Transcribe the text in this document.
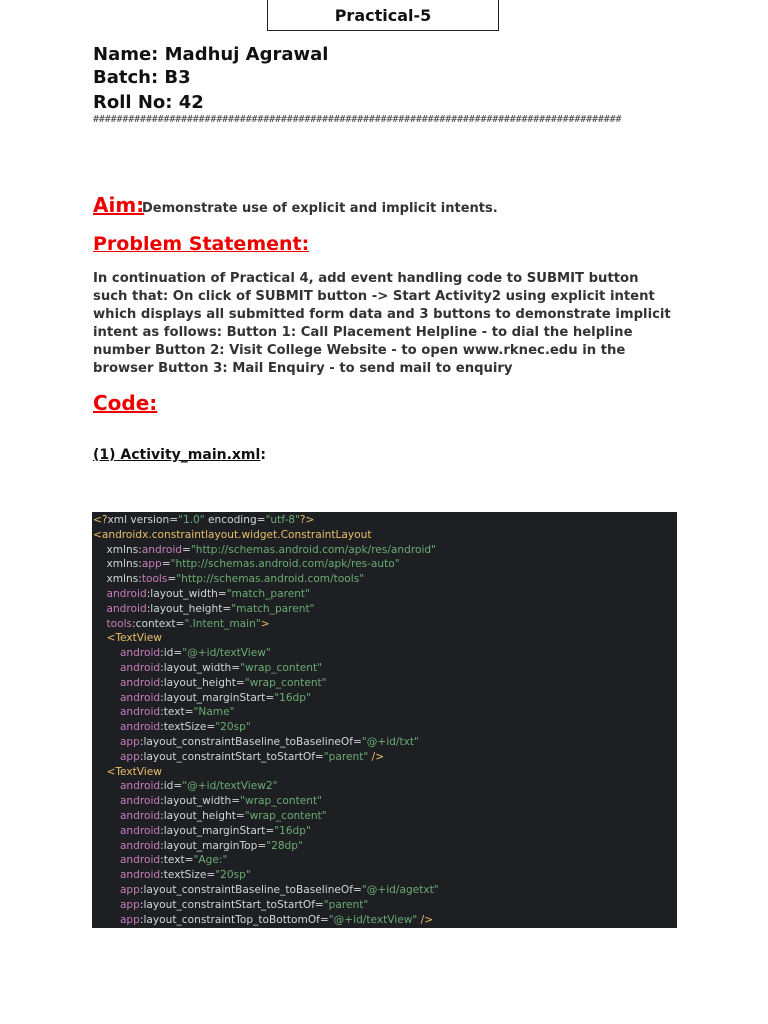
Practical-5
Name: Madhuj Agrawal
Batch: B3
Roll No: 42
##########################################################################################
Aim:
Demonstrate use of explicit and implicit intents.
Problem Statement:
In continuation of Practical 4, add event handling code to SUBMIT button such that: On click of SUBMIT button -> Start Activity2 using explicit intent which displays all submitted form data and 3 buttons to demonstrate implicit intent as follows: Button 1: Call Placement Helpline - to dial the helpline number Button 2: Visit College Website - to open www.rknec.edu in the browser Button 3: Mail Enquiry - to send mail to enquiry
Code:
(1) Activity_main.xml:
<?xml version="1.0" encoding="utf-8"?>
<androidx.constraintlayout.widget.ConstraintLayout
xmlns:android="http://schemas.android.com/apk/res/android"
xmlns:app="http://schemas.android.com/apk/res-auto"
xmlns:tools="http://schemas.android.com/tools"
android:layout_width="match_parent"
android:layout_height="match_parent"
tools:context=".Intent_main">
<TextView
android:id="@+id/textView"
android:layout_width="wrap_content"
android:layout_height="wrap_content"
android:layout_marginStart="16dp"
android:text="Name"
android:textSize="20sp"
app:layout_constraintBaseline_toBaselineOf="@+id/txt"
app:layout_constraintStart_toStartOf="parent" />
<TextView
android:id="@+id/textView2"
android:layout_width="wrap_content"
android:layout_height="wrap_content"
android:layout_marginStart="16dp"
android:layout_marginTop="28dp"
android:text="Age:"
android:textSize="20sp"
app:layout_constraintBaseline_toBaselineOf="@+id/agetxt"
app:layout_constraintStart_toStartOf="parent"
app:layout_constraintTop_toBottomOf="@+id/textView" />
